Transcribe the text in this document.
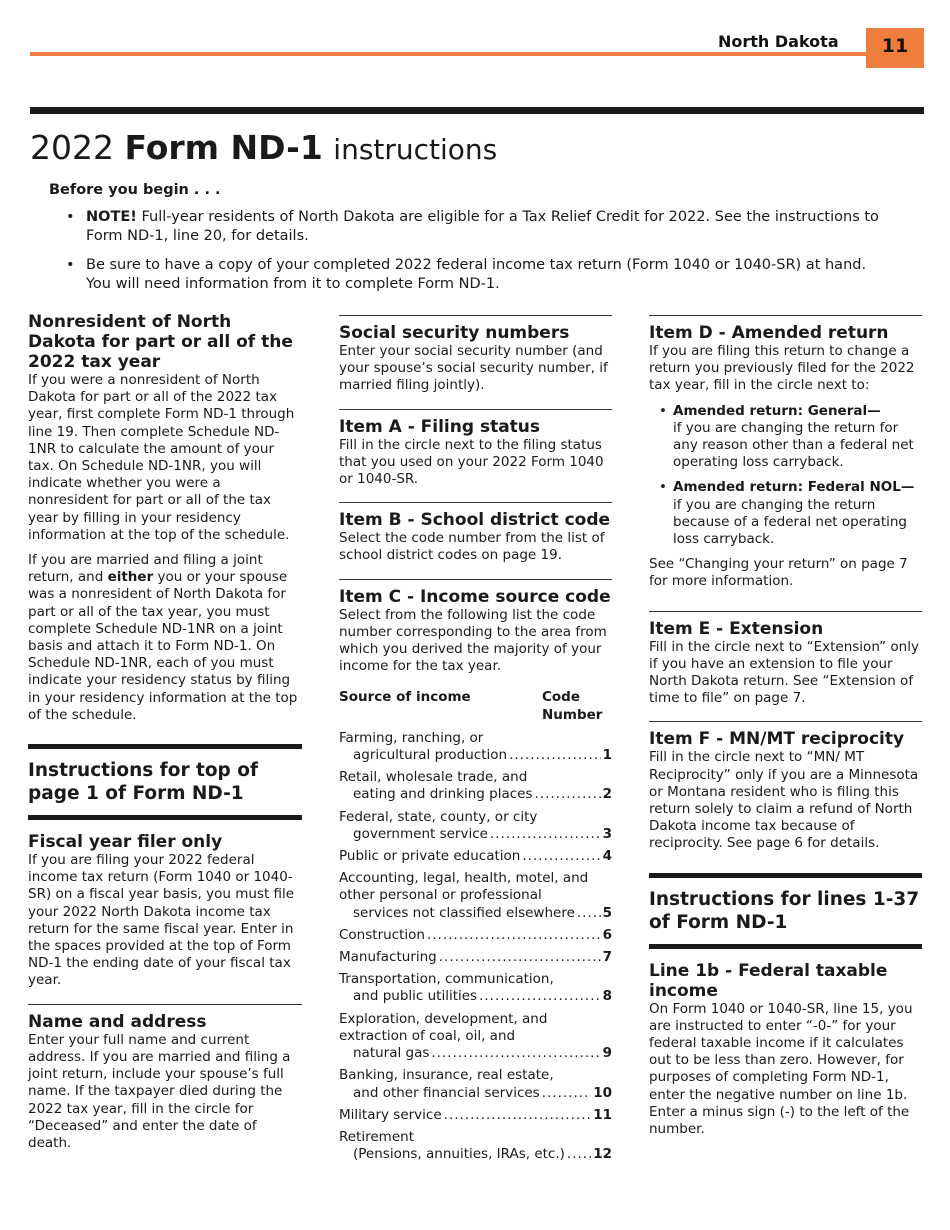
North Dakota	11
2022 Form ND-1 instructions
Before you begin . . .
• NOTE! Full-year residents of North Dakota are eligible for a Tax Relief Credit for 2022. See the instructions to Form ND-1, line 20, for details.
• Be sure to have a copy of your completed 2022 federal income tax return (Form 1040 or 1040-SR) at hand. You will need information from it to complete Form ND-1.
Nonresident of North Dakota for part or all of the 2022 tax year

If you were a nonresident of North Dakota for part or all of the 2022 tax year, first complete Form ND-1 through line 19. Then complete Schedule ND-1NR to calculate the amount of your tax. On Schedule ND-1NR, you will indicate whether you were a nonresident for part or all of the tax year by filling in your residency information at the top of the schedule.

If you are married and filing a joint return, and either you or your spouse was a nonresident of North Dakota for part or all of the tax year, you must complete Schedule ND-1NR on a joint basis and attach it to Form ND-1. On Schedule ND-1NR, each of you must indicate your residency status by filing in your residency information at the top of the schedule.

Instructions for top of page 1 of Form ND-1
Fiscal year filer only

If you are filing your 2022 federal income tax return (Form 1040 or 1040-SR) on a fiscal year basis, you must file your 2022 North Dakota income tax return for the same fiscal year. Enter in the spaces provided at the top of Form ND-1 the ending date of your fiscal tax year.

Name and address

Enter your full name and current address. If you are married and filing a joint return, include your spouse’s full name. If the taxpayer died during the 2022 tax year, fill in the circle for “Deceased” and enter the date of death.

Social security numbers

Enter your social security number (and your spouse’s social security number, if married filing jointly).

Item A - Filing status

Fill in the circle next to the filing status that you used on your 2022 Form 1040 or 1040-SR.

Item B - School district code

Select the code number from the list of school district codes on page 19.

Item C - Income source code

Select from the following list the code number corresponding to the area from which you derived the majority of your income for the tax year.

Source of income	Code Number
Farming, ranching, or
agricultural production .....	1
Retail, wholesale trade, and
eating and drinking places .....	2
Federal, state, county, or city
government service .....	3
Public or private education .....	4
Accounting, legal, health, motel, and other personal or professional
services not classified elsewhere ..... 5
Construction .....	6
Manufacturing .....	7
Transportation, communication,
and public utilities .....	8
Exploration, development, and extraction of coal, oil, and
natural gas .....	9
Banking, insurance, real estate,
and other financial services .....	10
Military service .....	11
Retirement
(Pensions, annuities, IRAs, etc.) ..... 12
Item D - Amended return

If you are filing this return to change a return you previously filed for the 2022 tax year, fill in the circle next to:

• Amended return: General—
if you are changing the return for any reason other than a federal net operating loss carryback.
• Amended return: Federal NOL—
if you are changing the return because of a federal net operating loss carryback.

See “Changing your return” on page 7 for more information.

Item E - Extension

Fill in the circle next to “Extension” only if you have an extension to file your North Dakota return. See “Extension of time to file” on page 7.

Item F - MN/MT reciprocity

Fill in the circle next to “MN/ MT Reciprocity” only if you are a Minnesota or Montana resident who is filing this return solely to claim a refund of North Dakota income tax because of reciprocity. See page 6 for details.

Instructions for lines 1-37 of Form ND-1
Line 1b - Federal taxable income

On Form 1040 or 1040-SR, line 15, you are instructed to enter “-0-” for your federal taxable income if it calculates out to be less than zero. However, for purposes of completing Form ND-1, enter the negative number on line 1b. Enter a minus sign (-) to the left of the number.
